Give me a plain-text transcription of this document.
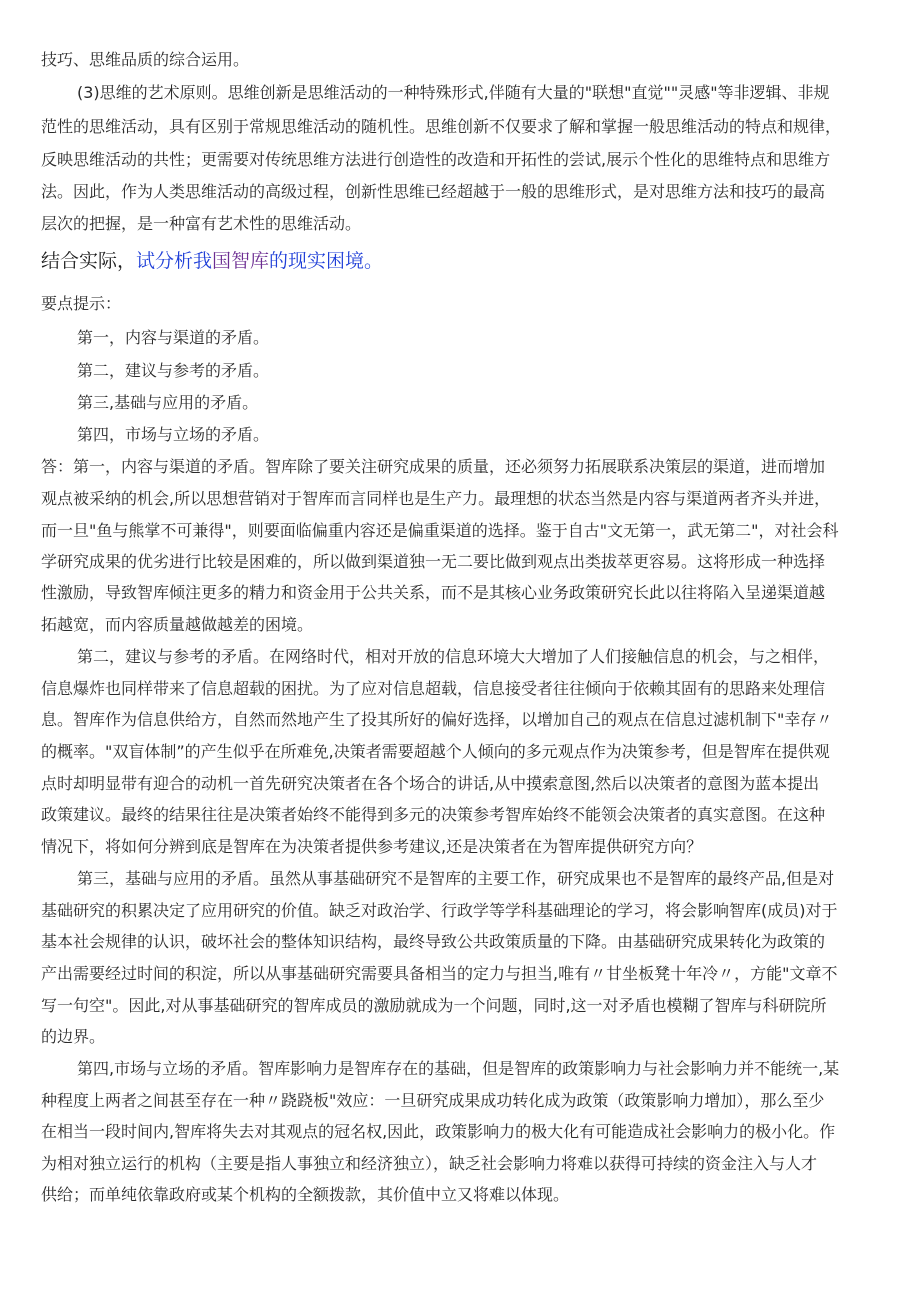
技巧、思维品质的综合运用。
(3)思维的艺术原则。思维创新是思维活动的一种特殊形式,伴随有大量的"联想"直觉""灵感"等非逻辑、非规
范性的思维活动，具有区别于常规思维活动的随机性。思维创新不仅要求了解和掌握一般思维活动的特点和规律，
反映思维活动的共性；更需要对传统思维方法进行创造性的改造和开拓性的尝试,展示个性化的思维特点和思维方
法。因此，作为人类思维活动的高级过程，创新性思维已经超越于一般的思维形式，是对思维方法和技巧的最高
层次的把握，是一种富有艺术性的思维活动。
结合实际，试分析我国智库的现实困境。
要点提示：
第一，内容与渠道的矛盾。
第二，建议与参考的矛盾。
第三,基础与应用的矛盾。
第四，市场与立场的矛盾。
答：第一，内容与渠道的矛盾。智库除了要关注研究成果的质量，还必须努力拓展联系决策层的渠道，进而增加
观点被采纳的机会,所以思想营销对于智库而言同样也是生产力。最理想的状态当然是内容与渠道两者齐头并进，
而一旦"鱼与熊掌不可兼得"，则要面临偏重内容还是偏重渠道的选择。鉴于自古"文无第一，武无第二"，对社会科
学研究成果的优劣进行比较是困难的，所以做到渠道独一无二要比做到观点出类拔萃更容易。这将形成一种选择
性激励，导致智库倾注更多的精力和资金用于公共关系，而不是其核心业务政策研究长此以往将陷入呈递渠道越
拓越宽，而内容质量越做越差的困境。
第二，建议与参考的矛盾。在网络时代，相对开放的信息环境大大增加了人们接触信息的机会，与之相伴，
信息爆炸也同样带来了信息超载的困扰。为了应对信息超载，信息接受者往往倾向于依赖其固有的思路来处理信
息。智库作为信息供给方，自然而然地产生了投其所好的偏好选择，以增加自己的观点在信息过滤机制下"幸存〃
的概率。"双盲体制”的产生似乎在所难免,决策者需要超越个人倾向的多元观点作为决策参考，但是智库在提供观
点时却明显带有迎合的动机一首先研究决策者在各个场合的讲话,从中摸索意图,然后以决策者的意图为蓝本提出
政策建议。最终的结果往往是决策者始终不能得到多元的决策参考智库始终不能领会决策者的真实意图。在这种
情况下，将如何分辨到底是智库在为决策者提供参考建议,还是决策者在为智库提供研究方向？
第三，基础与应用的矛盾。虽然从事基础研究不是智库的主要工作，研究成果也不是智库的最终产品,但是对
基础研究的积累决定了应用研究的价值。缺乏对政治学、行政学等学科基础理论的学习，将会影响智库(成员)对于
基本社会规律的认识，破坏社会的整体知识结构，最终导致公共政策质量的下降。由基础研究成果转化为政策的
产出需要经过时间的积淀，所以从事基础研究需要具备相当的定力与担当,唯有〃甘坐板凳十年冷〃，方能"文章不
写一句空"。因此,对从事基础研究的智库成员的激励就成为一个问题，同时,这一对矛盾也模糊了智库与科研院所
的边界。
第四,市场与立场的矛盾。智库影响力是智库存在的基础，但是智库的政策影响力与社会影响力并不能统一,某
种程度上两者之间甚至存在一种〃跷跷板"效应：一旦研究成果成功转化成为政策（政策影响力增加），那么至少
在相当一段时间内,智库将失去对其观点的冠名权,因此，政策影响力的极大化有可能造成社会影响力的极小化。作
为相对独立运行的机构（主要是指人事独立和经济独立），缺乏社会影响力将难以获得可持续的资金注入与人才
供给；而单纯依靠政府或某个机构的全额拨款，其价值中立又将难以体现。
